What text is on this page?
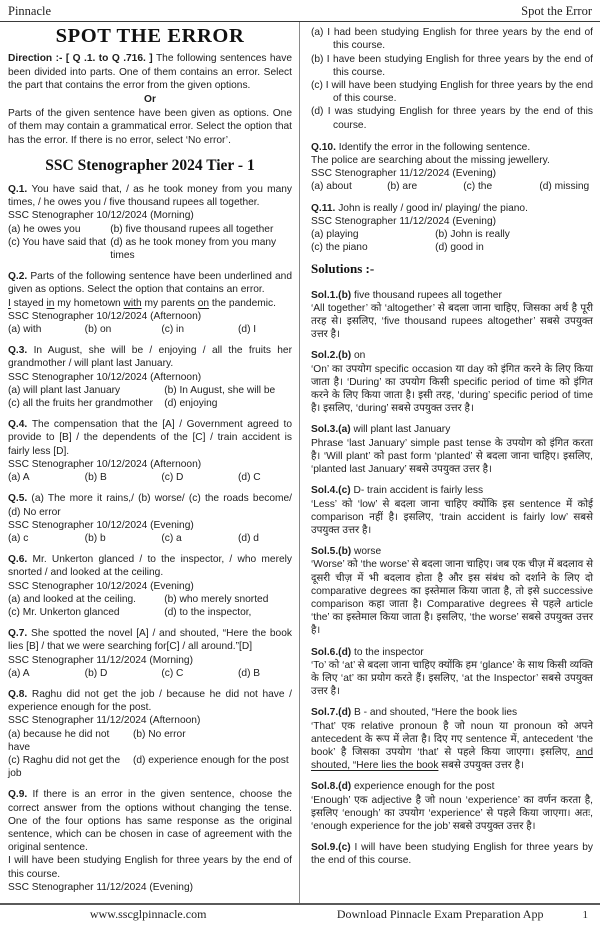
Pinnacle	Spot the Error
SPOT THE ERROR

Direction :- [ Q .1. to Q .716. ] The following sentences have been divided into parts. One of them contains an error. Select the part that contains the error from the given options.

Or

Parts of the given sentence have been given as options. One of them may contain a grammatical error. Select the option that has the error. If there is no error, select ‘No error’.

SSC Stenographer 2024 Tier - 1

Q.1. You have said that, / as he took money from you many times, / he owes you / five thousand rupees all together.

SSC Stenographer 10/12/2024 (Morning)

(a) he owes you	(b) five thousand rupees all together
(c) You have said that (d) as he took money from you many times

Q.2. Parts of the following sentence have been underlined and given as options. Select the option that contains an error.

I stayed in my hometown with my parents on the pandemic.

SSC Stenographer 10/12/2024 (Afternoon)

(a) with	(b) on	(c) in	(d) I

Q.3. In August, she will be / enjoying / all the fruits her grandmother / will plant last January.

SSC Stenographer 10/12/2024 (Afternoon)

(a) will plant last January	(b) In August, she will be
(c) all the fruits her grandmother	(d) enjoying

Q.4. The compensation that the [A] / Government agreed to provide to [B] / the dependents of the [C] / train accident is fairly less [D].

SSC Stenographer 10/12/2024 (Afternoon)

(a) A	(b) B	(c) D	(d) C

Q.5. (a) The more it rains,/ (b) worse/ (c) the roads become/ (d) No error

SSC Stenographer 10/12/2024 (Evening)

(a) c	(b) b	(c) a	(d) d

Q.6. Mr. Unkerton glanced / to the inspector, / who merely snorted / and looked at the ceiling.

SSC Stenographer 10/12/2024 (Evening)

(a) and looked at the ceiling.	(b) who merely snorted
(c) Mr. Unkerton glanced	(d) to the inspector,

Q.7. She spotted the novel [A] / and shouted, “Here the book lies [B] / that we were searching for[C] / all around.”[D]

SSC Stenographer 11/12/2024 (Morning)

(a) A	(b) D	(c) C	(d) B

Q.8. Raghu did not get the job / because he did not have / experience enough for the post.

SSC Stenographer 11/12/2024 (Afternoon)

(a) because he did not have
(b) No error
(c) Raghu did not get the job
(d) experience enough for the post

Q.9. If there is an error in the given sentence, choose the correct answer from the options without changing the tense. One of the four options has same response as the original sentence, which can be chosen in case of agreement with the original sentence.

I will have been studying English for three years by the end of this course.

SSC Stenographer 11/12/2024 (Evening)

(a) I had been studying English for three years by the end of this course.

(b) I have been studying English for three years by the end of this course.

(c) I will have been studying English for three years by the end of this course.

(d) I was studying English for three years by the end of this course.

Q.10. Identify the error in the following sentence.

The police are searching about the missing jewellery.

SSC Stenographer 11/12/2024 (Evening)

(a) about	(b) are	(c) the	(d) missing

Q.11. John is really / good in/ playing/ the piano.

SSC Stenographer 11/12/2024 (Evening)

(a) playing	(b) John is really
(c) the piano	(d) good in
Solutions :-

Sol.1.(b) five thousand rupees all together

‘All together’ को ‘altogether’ से बदला जाना चाहिए, जिसका अर्थ है पूरी तरह से। इसलिए, ‘five thousand rupees altogether’ सबसे उपयुक्त उत्तर है।

Sol.2.(b) on

‘On’ का उपयोग specific occasion या day को इंगित करने के लिए किया जाता है। ‘During’ का उपयोग किसी specific period of time को इंगित करने के लिए किया जाता है। इसी तरह, ‘during’ specific period of time है। इसलिए, ‘during’ सबसे उपयुक्त उत्तर है।

Sol.3.(a) will plant last January

Phrase ‘last January’ simple past tense के उपयोग को इंगित करता है। ‘Will plant’ को past form ‘planted’ से बदला जाना चाहिए। इसलिए, ‘planted last January’ सबसे उपयुक्त उत्तर है।

Sol.4.(c) D- train accident is fairly less

‘Less’ को ‘low’ से बदला जाना चाहिए क्योंकि इस sentence में कोई comparison नहीं है। इसलिए, ‘train accident is fairly low’ सबसे उपयुक्त उत्तर है।

Sol.5.(b) worse

‘Worse’ को ‘the worse’ से बदला जाना चाहिए। जब एक चीज़ में बदलाव से दूसरी चीज़ में भी बदलाव होता है और इस संबंध को दर्शाने के लिए दो comparative degrees का इस्तेमाल किया जाता है, तो इसे successive comparison कहा जाता है। Comparative degrees से पहले article ‘the’ का इस्तेमाल किया जाता है। इसलिए, ‘the worse’ सबसे उपयुक्त उत्तर है।

Sol.6.(d) to the inspector

‘To’ को ‘at’ से बदला जाना चाहिए क्योंकि हम ‘glance’ के साथ किसी व्यक्ति के लिए ‘at’ का प्रयोग करते हैं। इसलिए, ‘at the Inspector’ सबसे उपयुक्त उत्तर है।

Sol.7.(d) B - and shouted, “Here the book lies

‘That’ एक relative pronoun है जो noun या pronoun को अपने antecedent के रूप में लेता है। दिए गए sentence में, antecedent ‘the book’ है जिसका उपयोग ‘that’ से पहले किया जाएगा। इसलिए, and shouted, “Here lies the book सबसे उपयुक्त उत्तर है।

Sol.8.(d) experience enough for the post

‘Enough’ एक adjective है जो noun ‘experience’ का वर्णन करता है, इसलिए ‘enough’ का उपयोग ‘experience’ से पहले किया जाएगा। अतः, ‘enough experience for the job’ सबसे उपयुक्त उत्तर है।

Sol.9.(c) I will have been studying English for three years by the end of this course.

www.sscglpinnacle.com	Download Pinnacle Exam Preparation App	1
